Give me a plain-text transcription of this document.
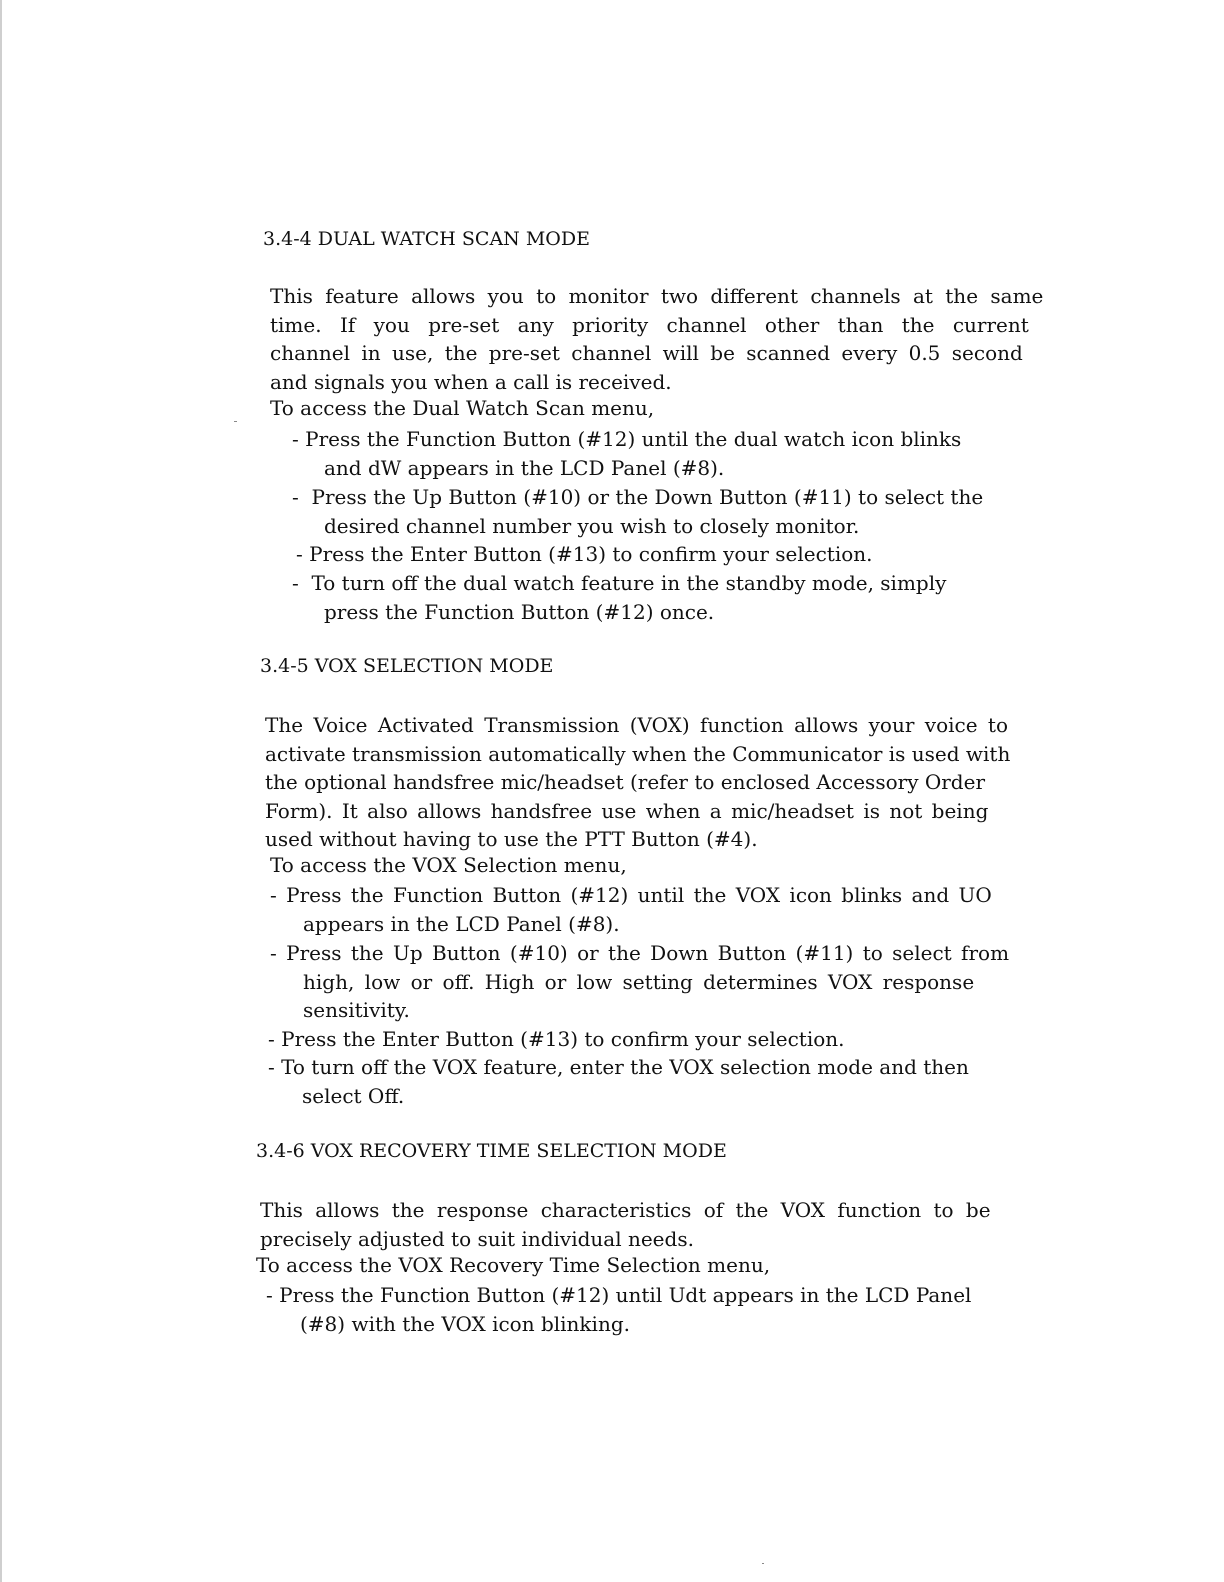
3.4-4 DUAL WATCH SCAN MODE
This feature allows you to monitor two different channels at the same
time. If you pre-set any priority channel other than the current
channel in use, the pre-set channel will be scanned every 0.5 second
and signals you when a call is received.
To access the Dual Watch Scan menu,
- Press the Function Button (#12) until the dual watch icon blinks
and dW appears in the LCD Panel (#8).
- Press the Up Button (#10) or the Down Button (#11) to select the
desired channel number you wish to closely monitor.
- Press the Enter Button (#13) to confirm your selection.
- To turn off the dual watch feature in the standby mode, simply
press the Function Button (#12) once.
3.4-5 VOX SELECTION MODE
The Voice Activated Transmission (VOX) function allows your voice to
activate transmission automatically when the Communicator is used with
the optional handsfree mic/headset (refer to enclosed Accessory Order
Form). It also allows handsfree use when a mic/headset is not being
used without having to use the PTT Button (#4).
To access the VOX Selection menu,
- Press the Function Button (#12) until the VOX icon blinks and UO
appears in the LCD Panel (#8).
- Press the Up Button (#10) or the Down Button (#11) to select from
high, low or off. High or low setting determines VOX response
sensitivity.
- Press the Enter Button (#13) to confirm your selection.
- To turn off the VOX feature, enter the VOX selection mode and then
select Off.
3.4-6 VOX RECOVERY TIME SELECTION MODE
This allows the response characteristics of the VOX function to be
precisely adjusted to suit individual needs.
To access the VOX Recovery Time Selection menu,
- Press the Function Button (#12) until Udt appears in the LCD Panel
(#8) with the VOX icon blinking.
